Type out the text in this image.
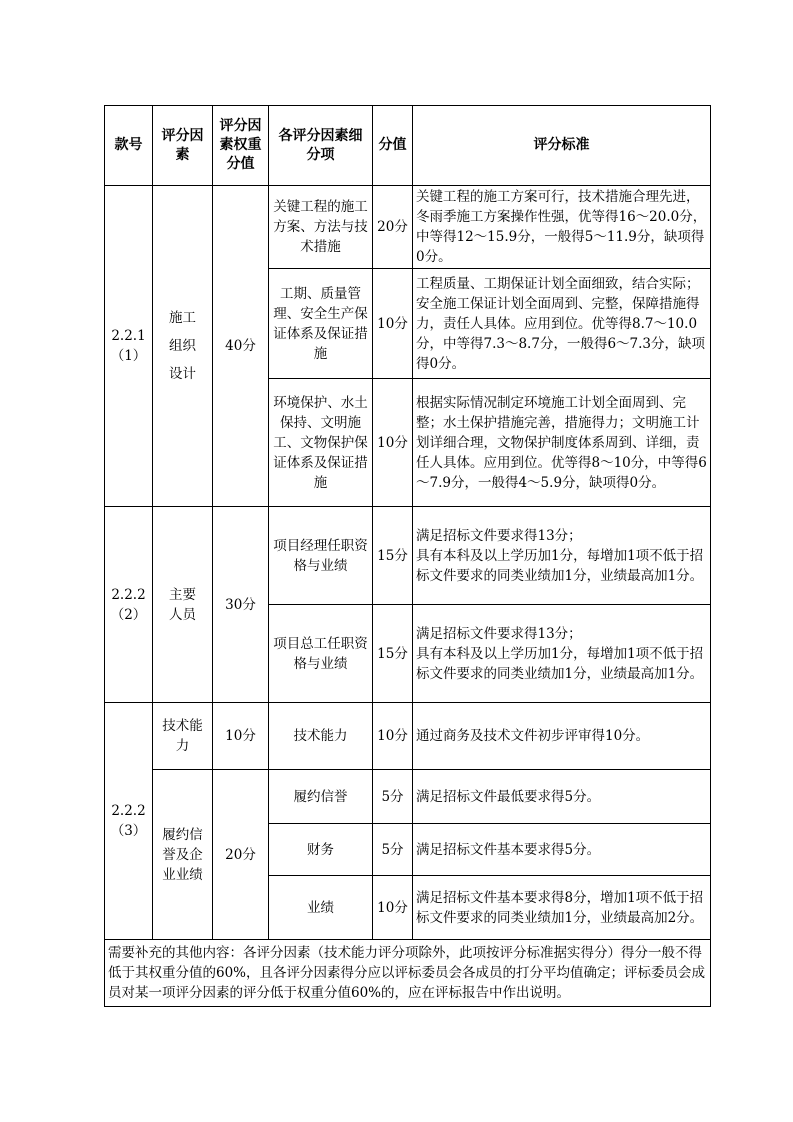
款号	评分因素	评分因素权重分值	各评分因素细分项	分值	评分标准
2.2.1（1）	施工组织设计	40分	关键工程的施工方案、方法与技术措施	20分	关键工程的施工方案可行，技术措施合理先进，冬雨季施工方案操作性强，优等得16～20.0分，中等得12～15.9分，一般得5～11.9分，缺项得0分。
			工期、质量管理、安全生产保证体系及保证措施	10分	工程质量、工期保证计划全面细致，结合实际；安全施工保证计划全面周到、完整，保障措施得力，责任人具体。应用到位。优等得8.7～10.0分，中等得7.3～8.7分，一般得6～7.3分，缺项得0分。
			环境保护、水土保持、文明施工、文物保护保证体系及保证措施	10分	根据实际情况制定环境施工计划全面周到、完整；水土保护措施完善，措施得力；文明施工计划详细合理，文物保护制度体系周到、详细，责任人具体。应用到位。优等得8～10分，中等得6～7.9分，一般得4～5.9分，缺项得0分。
2.2.2（2）	主要人员	30分	项目经理任职资格与业绩	15分	满足招标文件要求得13分；
具有本科及以上学历加1分，每增加1项不低于招标文件要求的同类业绩加1分，业绩最高加1分。

			项目总工任职资格与业绩	15分	满足招标文件要求得13分；
具有本科及以上学历加1分，每增加1项不低于招标文件要求的同类业绩加1分，业绩最高加1分。

2.2.2（3）	技术能力	10分	技术能力	10分	通过商务及技术文件初步评审得10分。
	履约信誉及企业业绩	20分	履约信誉	5分	满足招标文件最低要求得5分。
			财务	5分	满足招标文件基本要求得5分。
			业绩	10分	满足招标文件基本要求得8分，增加1项不低于招标文件要求的同类业绩加1分，业绩最高加2分。
需要补充的其他内容：各评分因素（技术能力评分项除外，此项按评分标准据实得分）得分一般不得低于其权重分值的60%，且各评分因素得分应以评标委员会各成员的打分平均值确定；评标委员会成员对某一项评分因素的评分低于权重分值60%的，应在评标报告中作出说明。					
